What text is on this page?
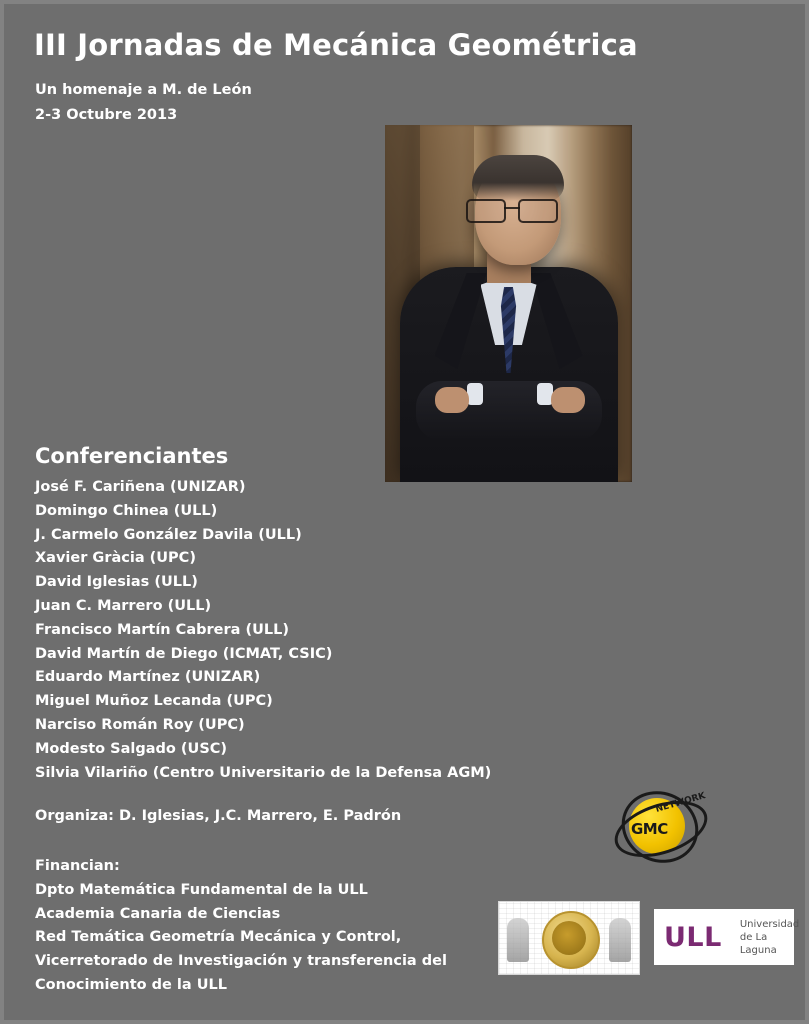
III Jornadas de Mecánica Geométrica
Un homenaje a M. de León
2-3 Octubre 2013
Conferenciantes
José F. Cariñena (UNIZAR)
Domingo Chinea (ULL)
J. Carmelo González Davila (ULL)
Xavier Gràcia (UPC)
David Iglesias (ULL)
Juan C. Marrero (ULL)
Francisco Martín Cabrera (ULL)
David Martín de Diego (ICMAT, CSIC)
Eduardo Martínez (UNIZAR)
Miguel Muñoz Lecanda (UPC)
Narciso Román Roy (UPC)
Modesto Salgado (USC)
Silvia Vilariño (Centro Universitario de la Defensa AGM)
Organiza: D. Iglesias, J.C. Marrero, E. Padrón
Financian:
Dpto Matemática Fundamental de la ULL
Academia Canaria de Ciencias
Red Temática Geometría Mecánica y Control,
Vicerretorado de Investigación y transferencia del
Conocimiento de la ULL
GMC
NETWORK
ULL Universidad
de La Laguna
